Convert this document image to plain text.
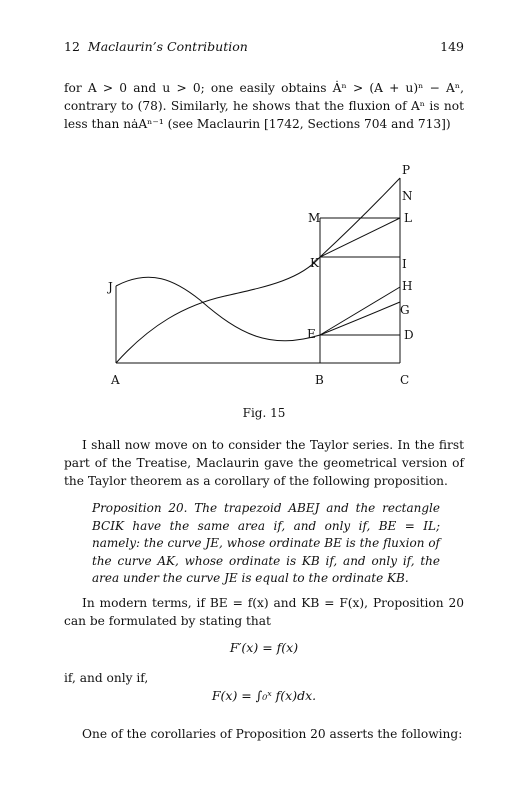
12 Maclaurin’s Contribution	149
for A > 0 and u > 0; one easily obtains Ȧⁿ > (A + u)ⁿ − Aⁿ, contrary to (78). Similarly, he shows that the fluxion of Aⁿ is not less than nȧAⁿ⁻¹ (see Maclaurin [1742, Sections 704 and 713])
P
N
M	L
K	I
J	H
G
E	D
A	B	C
Fig. 15
I shall now move on to consider the Taylor series. In the first part of the Treatise, Maclaurin gave the geometrical version of the Taylor theorem as a corollary of the following proposition.
Proposition 20. The trapezoid ABEJ and the rectangle BCIK have the same area if, and only if, BE = IL; namely: the curve JE, whose ordinate BE is the fluxion of the curve AK, whose ordinate is KB if, and only if, the area under the curve JE is equal to the ordinate KB.
In modern terms, if BE = f(x) and KB = F(x), Proposition 20 can be formulated by stating that
F′(x) = f(x)
if, and only if,
F(x) = ∫₀ˣ f(x)dx.
One of the corollaries of Proposition 20 asserts the following:
